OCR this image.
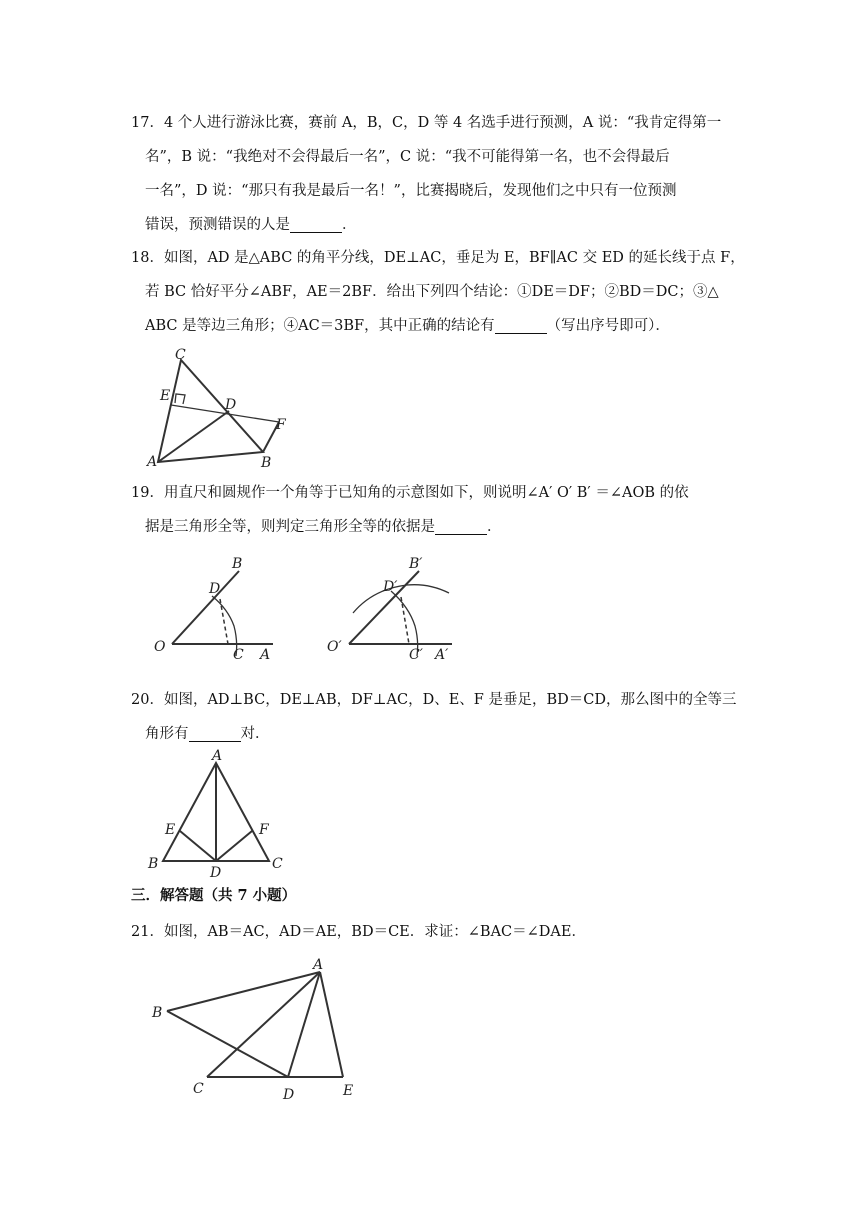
17．4 个人进行游泳比赛，赛前 A，B，C，D 等 4 名选手进行预测，A 说：“我肯定得第一
名”，B 说：“我绝对不会得最后一名”，C 说：“我不可能得第一名，也不会得最后
一名”，D 说：“那只有我是最后一名！”，比赛揭晓后，发现他们之中只有一位预测
错误，预测错误的人是	．
18．如图，AD 是△ABC 的角平分线，DE⊥AC，垂足为 E，BF∥AC 交 ED 的延长线于点 F，
若 BC 恰好平分∠ABF，AE＝2BF．给出下列四个结论：①DE＝DF；②BD＝DC；③△
ABC 是等边三角形；④AC＝3BF，其中正确的结论有	（写出序号即可）．
C
E
D
F
A	B
19．用直尺和圆规作一个角等于已知角的示意图如下，则说明∠A′ O′ B′ ＝∠AOB 的依
据是三角形全等，则判定三角形全等的依据是	．
B
D
O	C A
B′
D′
O′	C′ A′
20．如图，AD⊥BC，DE⊥AB，DF⊥AC，D、E、F 是垂足，BD＝CD，那么图中的全等三
角形有	对．
A
E	F
B
D
C
三．解答题（共 7 小题）
21．如图，AB＝AC，AD＝AE，BD＝CE．求证：∠BAC＝∠DAE．
A
B
C	D	E
